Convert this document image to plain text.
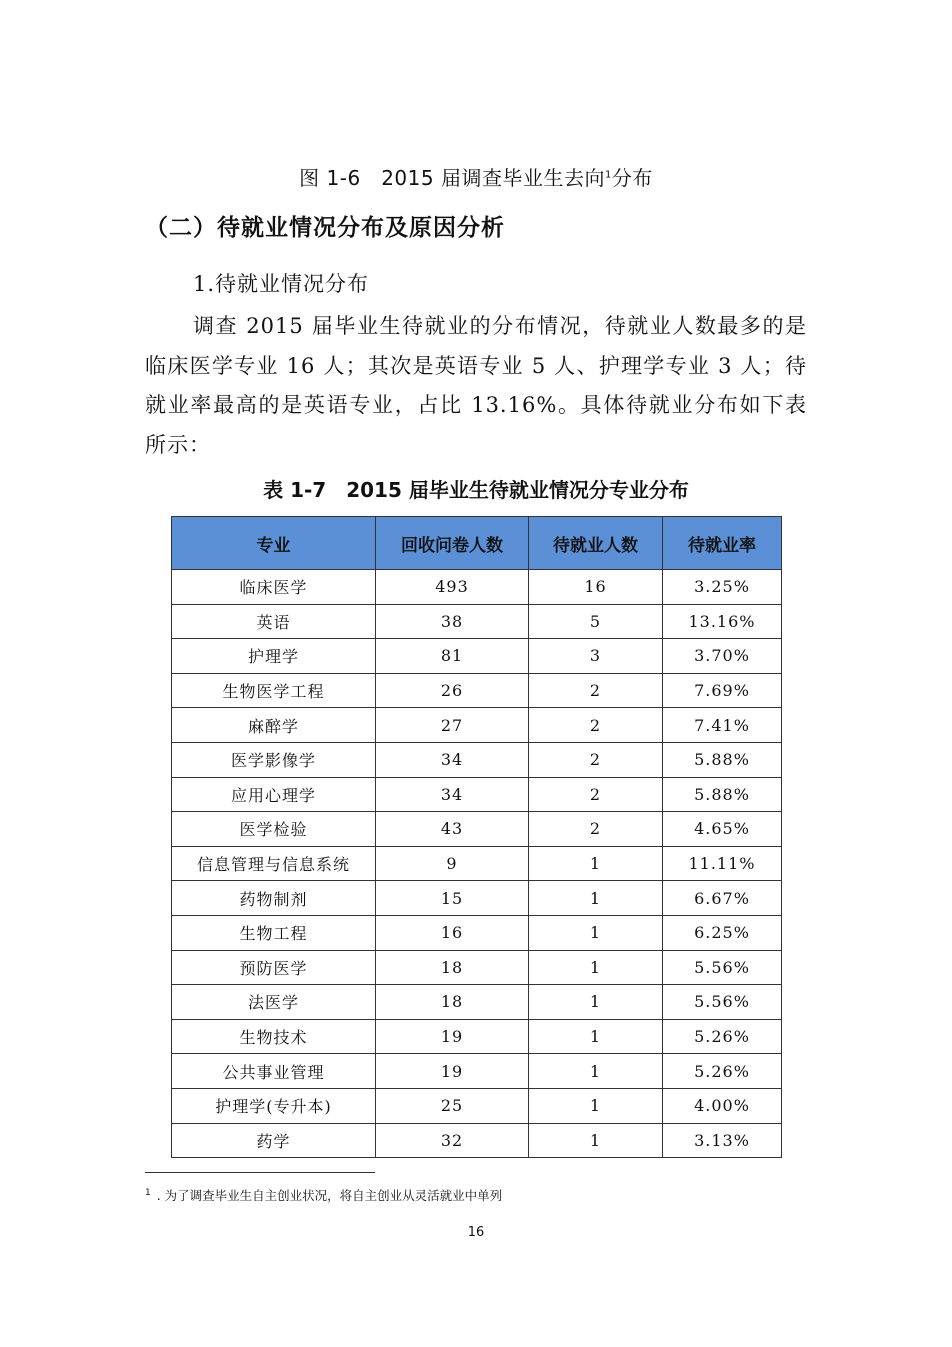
图 1-6　2015 届调查毕业生去向$^1$分布
（二）待就业情况分布及原因分析
1.待就业情况分布
调查 2015 届毕业生待就业的分布情况，待就业人数最多的是临床医学专业 16 人；其次是英语专业 5 人、护理学专业 3 人；待就业率最高的是英语专业，占比 13.16%。具体待就业分布如下表所示：
表 1-7　2015 届毕业生待就业情况分专业分布
专业	回收问卷人数	待就业人数	待就业率
临床医学	493	16	3.25%
英语	38	5	13.16%
护理学	81	3	3.70%
生物医学工程	26	2	7.69%
麻醉学	27	2	7.41%
医学影像学	34	2	5.88%
应用心理学	34	2	5.88%
医学检验	43	2	4.65%
信息管理与信息系统	9	1	11.11%
药物制剂	15	1	6.67%
生物工程	16	1	6.25%
预防医学	18	1	5.56%
法医学	18	1	5.56%
生物技术	19	1	5.26%
公共事业管理	19	1	5.26%
护理学(专升本)	25	1	4.00%
药学	32	1	3.13%
$^1$ . 为了调查毕业生自主创业状况，将自主创业从灵活就业中单列
16
